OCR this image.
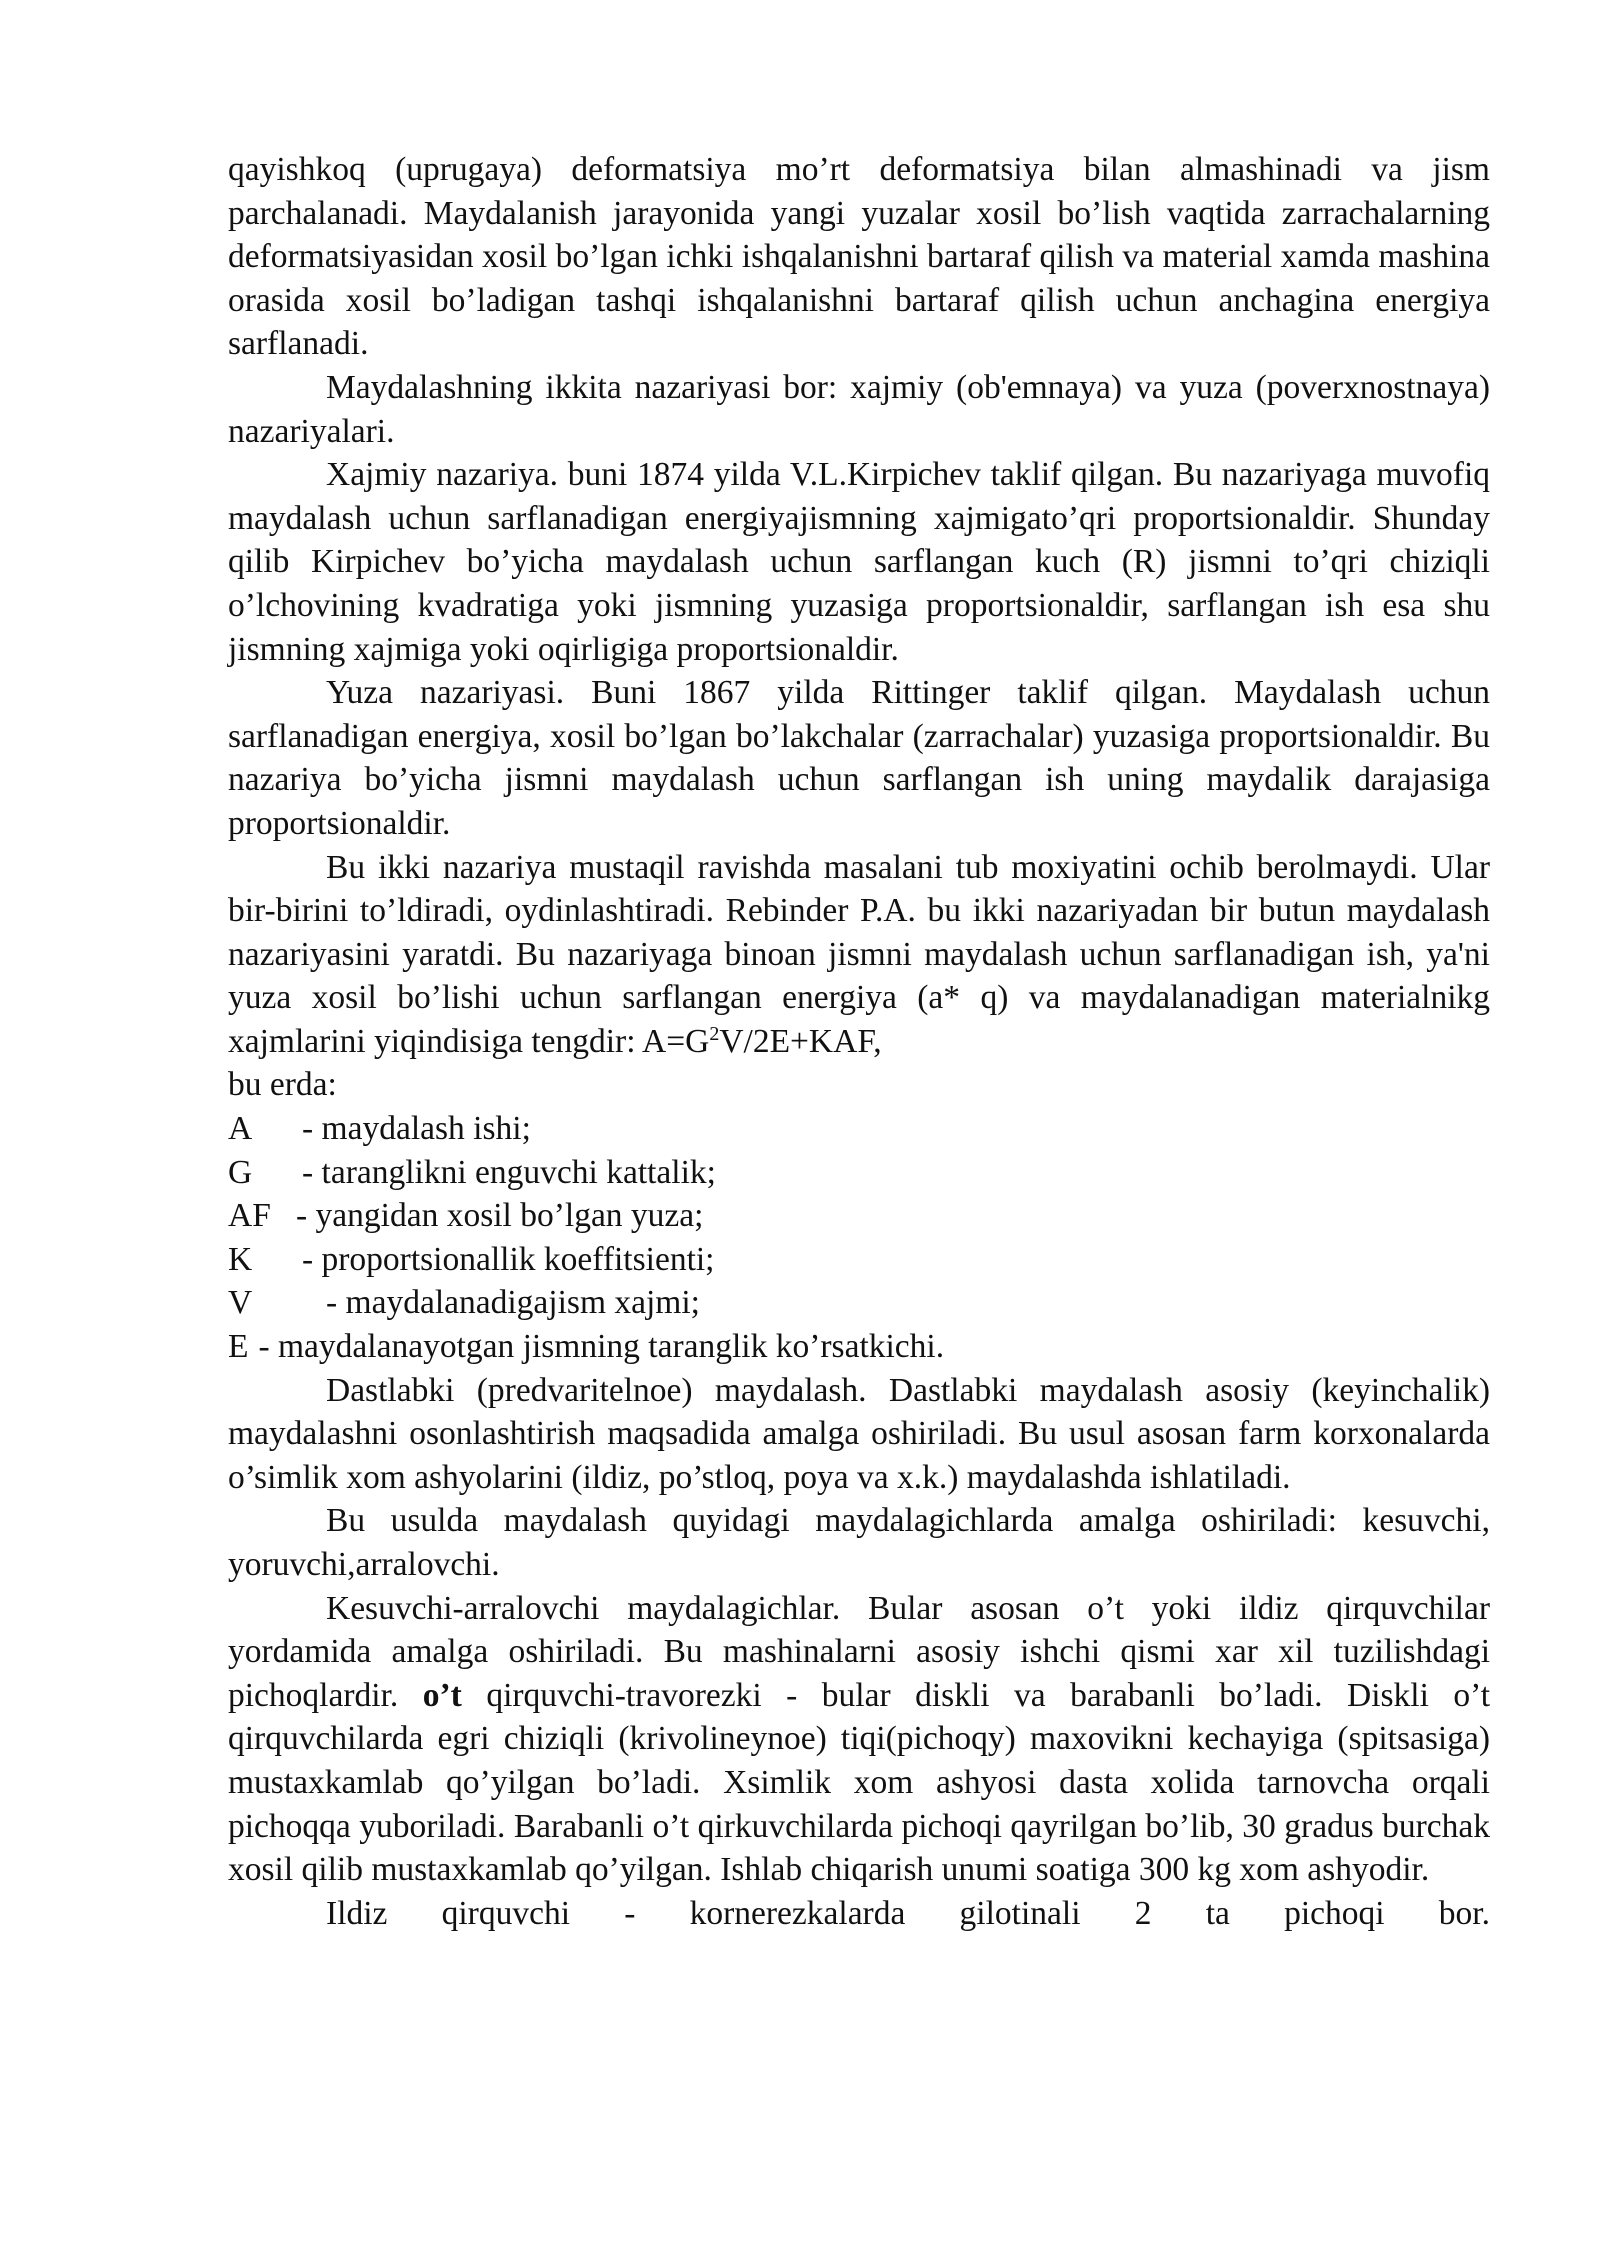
qayishkoq (uprugaya) deformatsiya mo’rt deformatsiya bilan almashinadi va jism parchalanadi. Maydalanish jarayonida yangi yuzalar xosil bo’lish vaqtida zarrachalarning deformatsiyasidan xosil bo’lgan ichki ishqalanishni bartaraf qilish va material xamda mashina orasida xosil bo’ladigan tashqi ishqalanishni bartaraf qilish uchun anchagina energiya sarflanadi.

Maydalashning ikkita nazariyasi bor: xajmiy (ob'emnaya) va yuza (poverxnostnaya) nazariyalari.

Xajmiy nazariya. buni 1874 yilda V.L.Kirpichev taklif qilgan. Bu nazariyaga muvofiq maydalash uchun sarflanadigan energiyajismning xajmigato’qri proportsionaldir. Shunday qilib Kirpichev bo’yicha maydalash uchun sarflangan kuch (R) jismni to’qri chiziqli o’lchovining kvadratiga yoki jismning yuzasiga proportsionaldir, sarflangan ish esa shu jismning xajmiga yoki oqirligiga proportsionaldir.

Yuza nazariyasi. Buni 1867 yilda Rittinger taklif qilgan. Maydalash uchun sarflanadigan energiya, xosil bo’lgan bo’lakchalar (zarrachalar) yuzasiga proportsionaldir. Bu nazariya bo’yicha jismni maydalash uchun sarflangan ish uning maydalik darajasiga proportsionaldir.

Bu ikki nazariya mustaqil ravishda masalani tub moxiyatini ochib berolmaydi. Ular bir-birini to’ldiradi, oydinlashtiradi. Rebinder P.A. bu ikki nazariyadan bir butun maydalash nazariyasini yaratdi. Bu nazariyaga binoan jismni maydalash uchun sarflanadigan ish, ya'ni yuza xosil bo’lishi uchun sarflangan energiya (a* q) va maydalanadigan materialnikg xajmlarini yiqindisiga tengdir: $A=G^2V/2E+KAF$,

bu erda:

A	- maydalash ishi;
G	- taranglikni enguvchi kattalik;
AF - yangidan xosil bo’lgan yuza;
K	- proportsionallik koeffitsienti;
V	- maydalanadigajism xajmi;
E - maydalanayotgan jismning taranglik ko’rsatkichi.

Dastlabki (predvaritelnoe) maydalash. Dastlabki maydalash asosiy (keyinchalik) maydalashni osonlashtirish maqsadida amalga oshiriladi. Bu usul asosan farm korxonalarda o’simlik xom ashyolarini (ildiz, po’stloq, poya va x.k.) maydalashda ishlatiladi.

Bu usulda maydalash quyidagi maydalagichlarda amalga oshiriladi: kesuvchi, yoruvchi,arralovchi.

Kesuvchi-arralovchi maydalagichlar. Bular asosan o’t yoki ildiz qirquvchilar yordamida amalga oshiriladi. Bu mashinalarni asosiy ishchi qismi xar xil tuzilishdagi pichoqlardir. o’t qirquvchi-travorezki - bular diskli va barabanli bo’ladi. Diskli o’t qirquvchilarda egri chiziqli (krivolineynoe) tiqi(pichoqy) maxovikni kechayiga (spitsasiga) mustaxkamlab qo’yilgan bo’ladi. Xsimlik xom ashyosi dasta xolida tarnovcha orqali pichoqqa yuboriladi. Barabanli o’t qirkuvchilarda pichoqi qayrilgan bo’lib, 30 gradus burchak xosil qilib mustaxkamlab qo’yilgan. Ishlab chiqarish unumi soatiga 300 kg xom ashyodir.

Ildiz qirquvchi - kornerezkalarda gilotinali 2 ta pichoqi bor.
